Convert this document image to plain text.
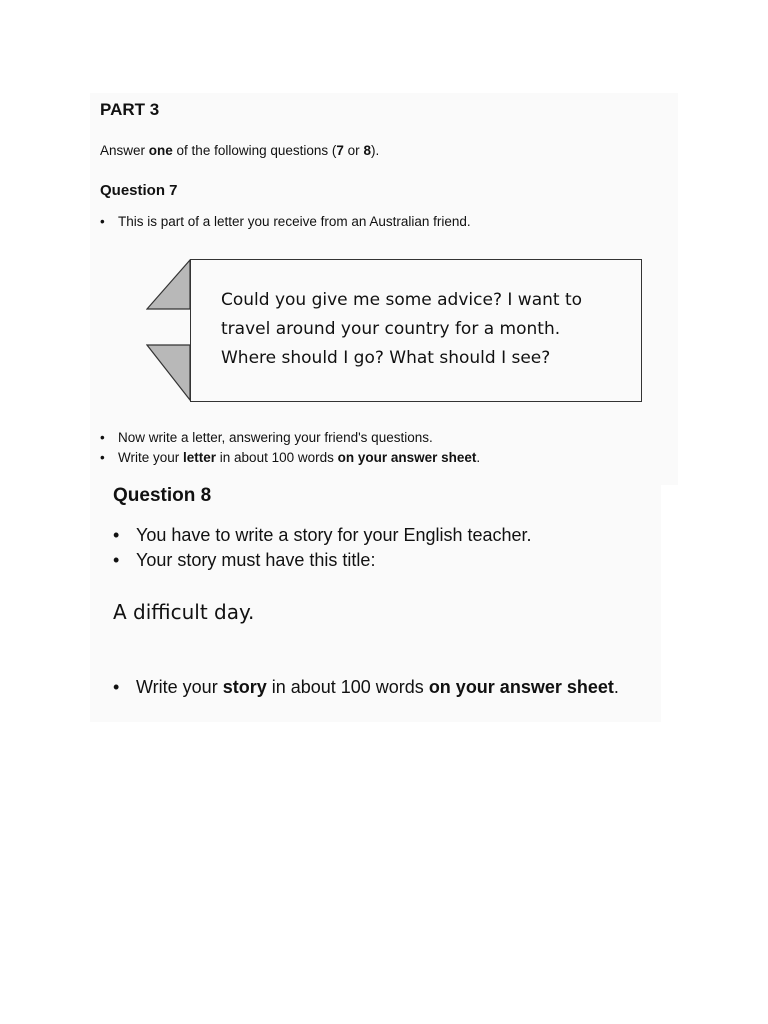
PART 3
Answer one of the following questions (7 or 8).
Question 7
• This is part of a letter you receive from an Australian friend.
Could you give me some advice? I want to
travel around your country for a month.
Where should I go? What should I see?
• Now write a letter, answering your friend's questions.
• Write your letter in about 100 words on your answer sheet.
Question 8
• You have to write a story for your English teacher.
• Your story must have this title:
A difficult day.
• Write your story in about 100 words on your answer sheet.
